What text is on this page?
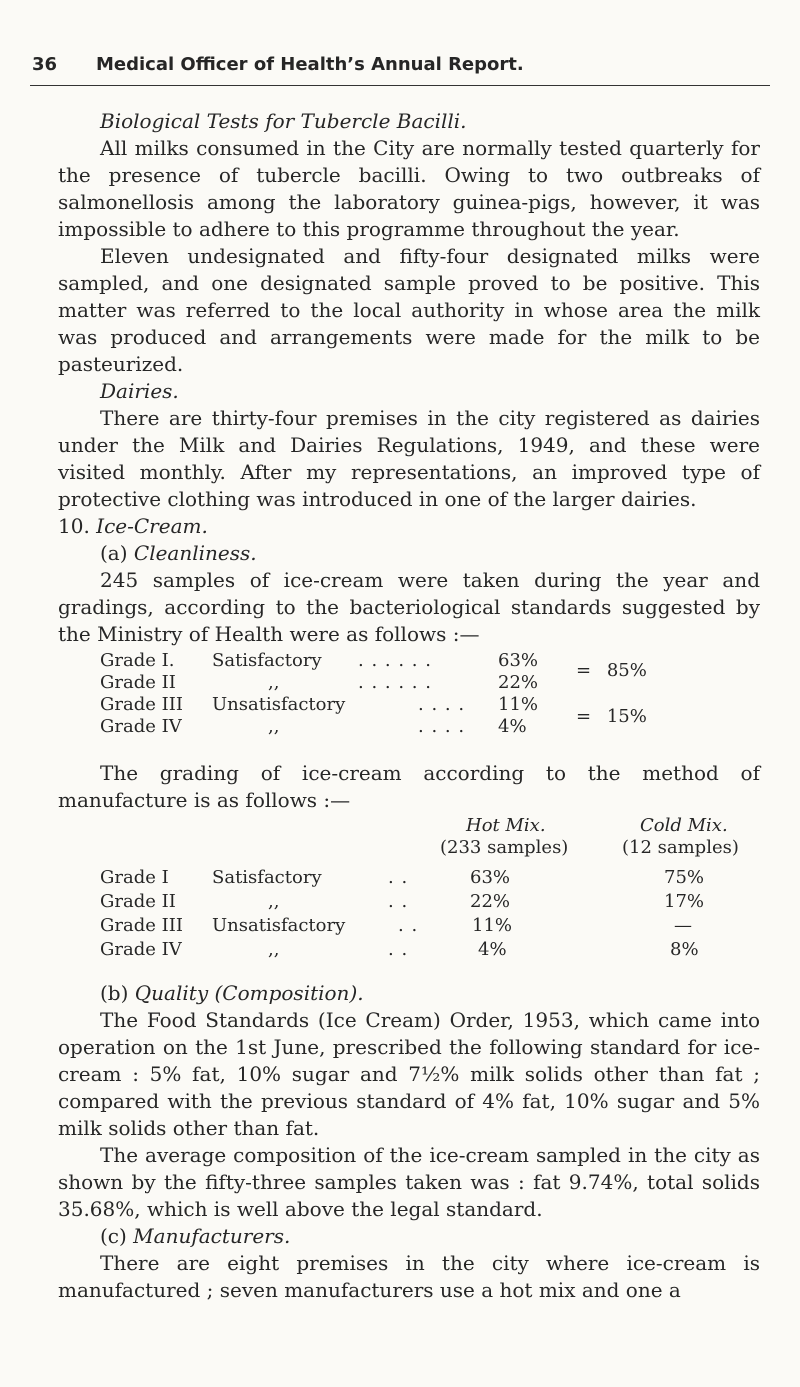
36 Medical Officer of Health’s Annual Report.
Biological Tests for Tubercle Bacilli.
All milks consumed in the City are normally tested quarterly for the presence of tubercle bacilli. Owing to two outbreaks of salmonellosis among the laboratory guinea-pigs, however, it was impossible to adhere to this programme throughout the year.
Eleven undesignated and fifty-four designated milks were sampled, and one designated sample proved to be positive. This matter was referred to the local authority in whose area the milk was produced and arrangements were made for the milk to be pasteurized.
Dairies.
There are thirty-four premises in the city registered as dairies under the Milk and Dairies Regulations, 1949, and these were visited monthly. After my representations, an improved type of protective clothing was introduced in one of the larger dairies.
10. Ice-Cream.
(a) Cleanliness.
245 samples of ice-cream were taken during the year and gradings, according to the bacteriological standards suggested by the Ministry of Health were as follows :—
Grade I. Satisfactory . . . . . .	63%
Grade II	,,	. . . . . .	22%
Grade III Unsatisfactory	. . . . 11%
Grade IV	,,	. . . . 4%
= 85%
= 15%
The grading of ice-cream according to the method of manufacture is as follows :—
Hot Mix.	Cold Mix.
(233 samples)	(12 samples)
Grade I Satisfactory	. .	63%	75%
Grade II	,,	. .	22%	17%
Grade III Unsatisfactory	. .	11%	—
Grade IV	,,	. .	4%	8%
(b) Quality (Composition).
The Food Standards (Ice Cream) Order, 1953, which came into operation on the 1st June, prescribed the following standard for ice-cream : 5% fat, 10% sugar and 7½% milk solids other than fat ; compared with the previous standard of 4% fat, 10% sugar and 5% milk solids other than fat.
The average composition of the ice-cream sampled in the city as shown by the fifty-three samples taken was : fat 9.74%, total solids 35.68%, which is well above the legal standard.
(c) Manufacturers.
There are eight premises in the city where ice-cream is manufactured ; seven manufacturers use a hot mix and one a
